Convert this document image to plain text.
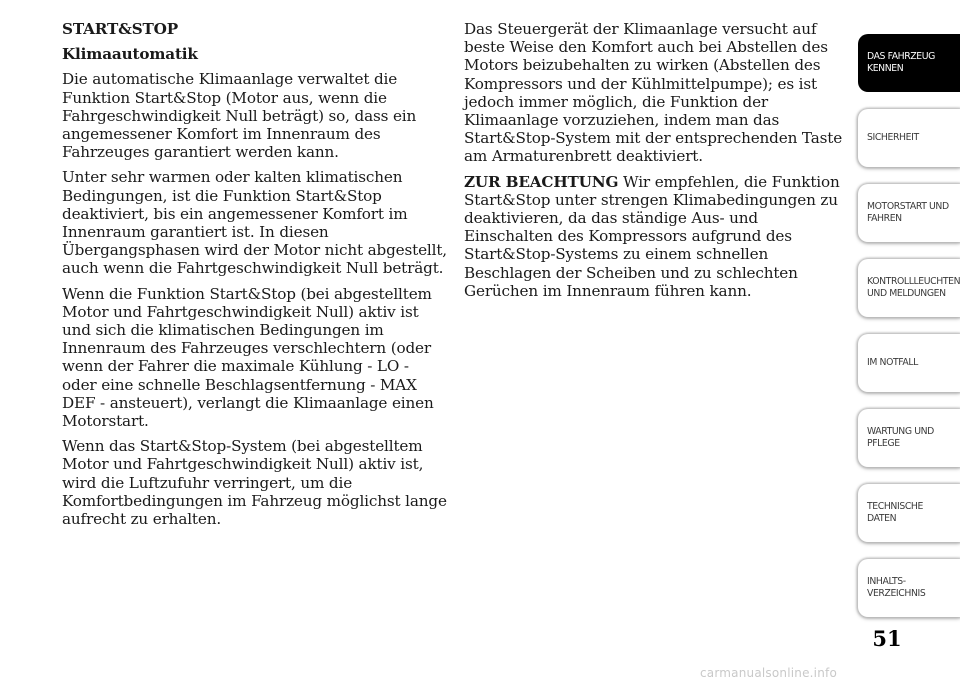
START&STOP

Klimaautomatik

Die automatische Klimaanlage verwaltet die Funktion Start&Stop (Motor aus, wenn die Fahrgeschwindigkeit Null beträgt) so, dass ein angemessener Komfort im Innenraum des Fahrzeuges garantiert werden kann.

Unter sehr warmen oder kalten klimatischen Bedingungen, ist die Funktion Start&Stop deaktiviert, bis ein angemessener Komfort im Innenraum garantiert ist. In diesen Übergangsphasen wird der Motor nicht abgestellt, auch wenn die Fahrtgeschwindigkeit Null beträgt.

Wenn die Funktion Start&Stop (bei abgestelltem Motor und Fahrtgeschwindigkeit Null) aktiv ist und sich die klimatischen Bedingungen im Innenraum des Fahrzeuges verschlechtern (oder wenn der Fahrer die maximale Kühlung - LO - oder eine schnelle Beschlagsentfernung - MAX DEF - ansteuert), verlangt die Klimaanlage einen Motorstart.

Wenn das Start&Stop-System (bei abgestelltem Motor und Fahrtgeschwindigkeit Null) aktiv ist, wird die Luftzufuhr verringert, um die Komfortbedingungen im Fahrzeug möglichst lange aufrecht zu erhalten.

Das Steuergerät der Klimaanlage versucht auf beste Weise den Komfort auch bei Abstellen des Motors beizubehalten zu wirken (Abstellen des Kompressors und der Kühlmittelpumpe); es ist jedoch immer möglich, die Funktion der Klimaanlage vorzuziehen, indem man das Start&Stop-System mit der entsprechenden Taste am Armaturenbrett deaktiviert.

ZUR BEACHTUNG Wir empfehlen, die Funktion Start&Stop unter strengen Klimabedingungen zu deaktivieren, da das ständige Aus- und Einschalten des Kompressors aufgrund des Start&Stop-Systems zu einem schnellen Beschlagen der Scheiben und zu schlechten Gerüchen im Innenraum führen kann.

DAS FAHRZEUG
KENNEN
SICHERHEIT
MOTORSTART UND
FAHREN
KONTROLLLEUCHTEN
UND MELDUNGEN
IM NOTFALL
WARTUNG UND
PFLEGE
TECHNISCHE
DATEN
INHALTS-
VERZEICHNIS
51
carmanualsonline.info
